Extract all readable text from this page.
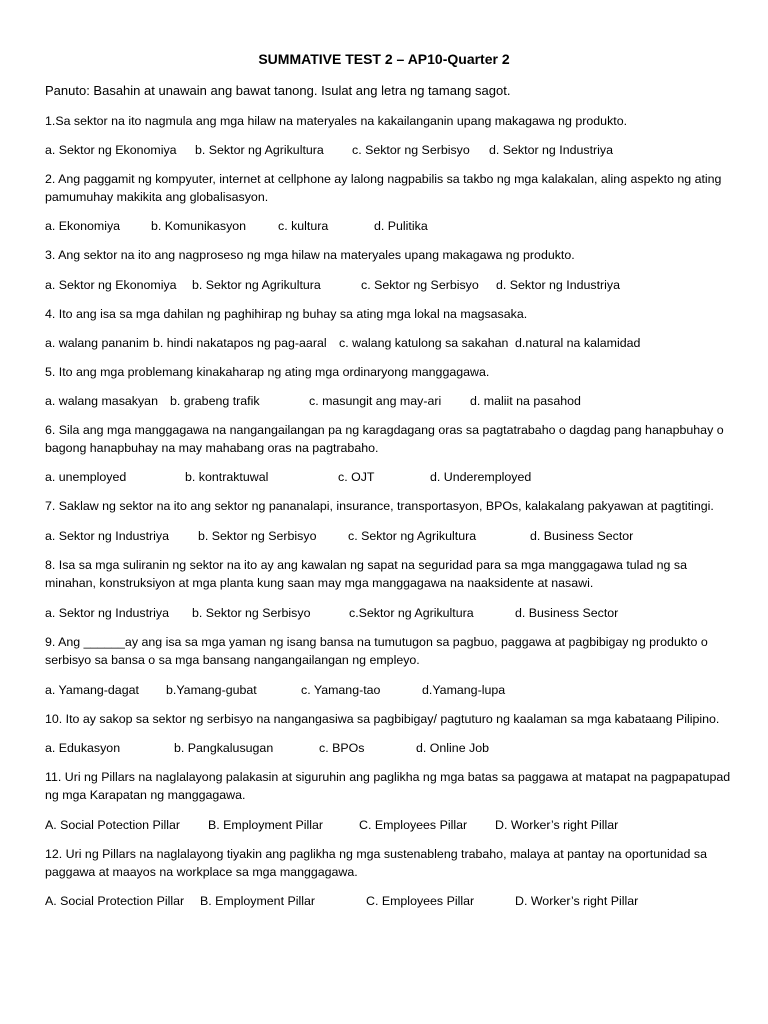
SUMMATIVE TEST 2 – AP10-Quarter 2
Panuto: Basahin at unawain ang bawat tanong. Isulat ang letra ng tamang sagot.
1.Sa sektor na ito nagmula ang mga hilaw na materyales na kakailanganin upang makagawa ng produkto.
a. Sektor ng Ekonomiya b. Sektor ng Agrikultura c. Sektor ng Serbisyo d. Sektor ng Industriya
2. Ang paggamit ng kompyuter, internet at cellphone ay lalong nagpabilis sa takbo ng mga kalakalan, aling aspekto ng ating pamumuhay makikita ang globalisasyon.
a. Ekonomiya b. Komunikasyon	c. kultura	d. Pulitika
3. Ang sektor na ito ang nagproseso ng mga hilaw na materyales upang makagawa ng produkto.
a. Sektor ng Ekonomiya b. Sektor ng Agrikultura	c. Sektor ng Serbisyo d. Sektor ng Industriya
4. Ito ang isa sa mga dahilan ng paghihirap ng buhay sa ating mga lokal na magsasaka.
a. walang pananim b. hindi nakatapos ng pag-aaral c. walang katulong sa sakahan d.natural na kalamidad
5. Ito ang mga problemang kinakaharap ng ating mga ordinaryong manggagawa.
a. walang masakyan b. grabeng trafik	c. masungit ang may-ari d. maliit na pasahod
6. Sila ang mga manggagawa na nangangailangan pa ng karagdagang oras sa pagtatrabaho o dagdag pang hanapbuhay o bagong hanapbuhay na may mahabang oras na pagtrabaho.
a. unemployed	b. kontraktuwal	c. OJT	d. Underemployed
7. Saklaw ng sektor na ito ang sektor ng pananalapi, insurance, transportasyon, BPOs, kalakalang pakyawan at pagtitingi.
a. Sektor ng Industriya b. Sektor ng Serbisyo	c. Sektor ng Agrikultura	d. Business Sector
8. Isa sa mga suliranin ng sektor na ito ay ang kawalan ng sapat na seguridad para sa mga manggagawa tulad ng sa minahan, konstruksiyon at mga planta kung saan may mga manggagawa na naaksidente at nasawi.
a. Sektor ng Industriya b. Sektor ng Serbisyo	c.Sektor ng Agrikultura	d. Business Sector
9. Ang ______ay ang isa sa mga yaman ng isang bansa na tumutugon sa pagbuo, paggawa at pagbibigay ng produkto o serbisyo sa bansa o sa mga bansang nangangailangan ng empleyo.
a. Yamang-dagat b.Yamang-gubat	c. Yamang-tao	d.Yamang-lupa
10. Ito ay sakop sa sektor ng serbisyo na nangangasiwa sa pagbibigay/ pagtuturo ng kaalaman sa mga kabataang Pilipino.
a. Edukasyon	b. Pangkalusugan	c. BPOs	d. Online Job
11. Uri ng Pillars na naglalayong palakasin at siguruhin ang paglikha ng mga batas sa paggawa at matapat na pagpapatupad ng mga Karapatan ng manggagawa.
A. Social Potection Pillar B. Employment Pillar	C. Employees Pillar D. Worker’s right Pillar
12. Uri ng Pillars na naglalayong tiyakin ang paglikha ng mga sustenableng trabaho, malaya at pantay na oportunidad sa paggawa at maayos na workplace sa mga manggagawa.
A. Social Protection Pillar B. Employment Pillar	C. Employees Pillar	D. Worker’s right Pillar
